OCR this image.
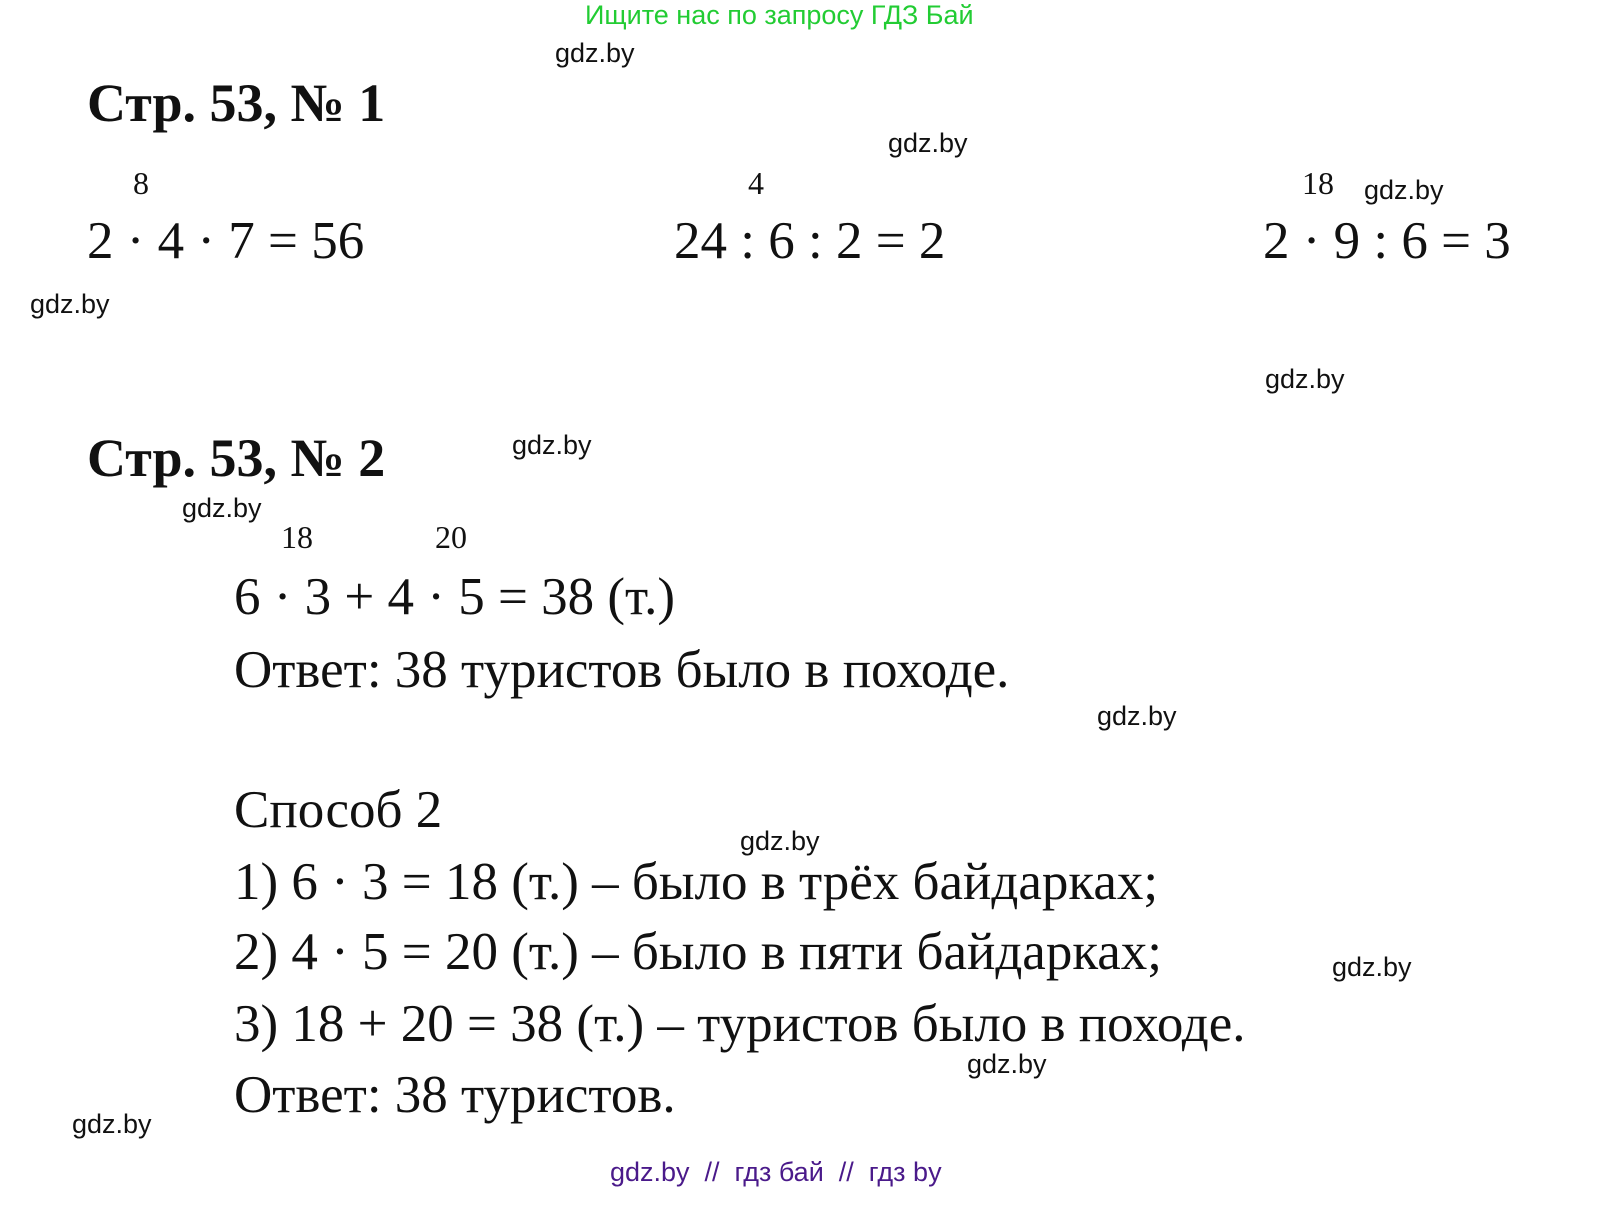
Ищите нас по запросу ГДЗ Бай
Стр. 53, № 1
8
2 · 4 · 7 = 56
4
24 : 6 : 2 = 2
18
2 · 9 : 6 = 3
Стр. 53, № 2
18	20
6 · 3 + 4 · 5 = 38 (т.)
Ответ: 38 туристов было в походе.
Способ 2
1) 6 · 3 = 18 (т.) – было в трёх байдарках;
2) 4 · 5 = 20 (т.) – было в пяти байдарках;
3) 18 + 20 = 38 (т.) – туристов было в походе.
Ответ: 38 туристов.
gdz.by
gdz.by
gdz.by
gdz.by
gdz.by
gdz.by
gdz.by
gdz.by
gdz.by
gdz.by
gdz.by
gdz.by
gdz.by  //  гдз бай  //  гдз by
